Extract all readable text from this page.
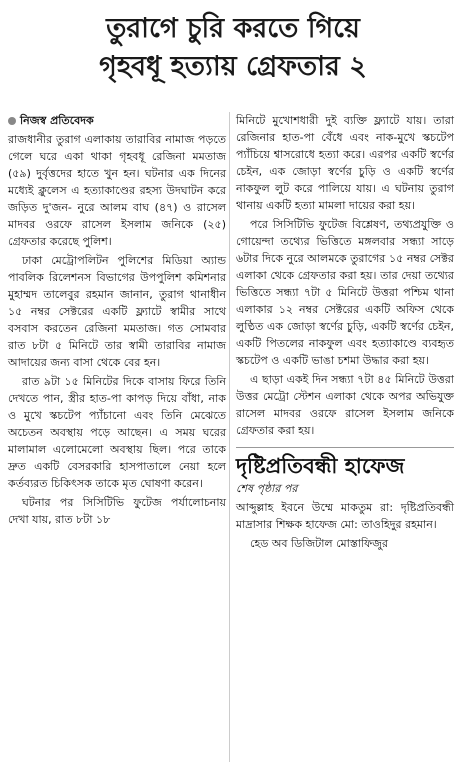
তুরাগে চুরি করতে গিয়ে
গৃহবধূ হত্যায় গ্রেফতার ২
নিজস্ব প্রতিবেদক

রাজধানীর তুরাগ এলাকায় তারাবির নামাজ পড়তে গেলে ঘরে একা থাকা গৃহবধূ রেজিনা মমতাজ (৫৯) দুর্বৃত্তদের হাতে খুন হন। ঘটনার এক দিনের মধ্যেই ক্লুলেস এ হত্যাকাণ্ডের রহস্য উদঘাটন করে জড়িত দু'জন- নুরে আলম বাঘ (৪৭) ও রাসেল মাদবর ওরফে রাসেল ইসলাম জনিকে (২৫) গ্রেফতার করেছে পুলিশ।

ঢাকা মেট্রোপলিটন পুলিশের মিডিয়া অ্যান্ড পাবলিক রিলেশনস বিভাগের উপপুলিশ কমিশনার মুহাম্মদ তালেবুর রহমান জানান, তুরাগ থানাধীন ১৫ নম্বর সেক্টরের একটি ফ্ল্যাটে স্বামীর সাথে বসবাস করতেন রেজিনা মমতাজ। গত সোমবার রাত ৮টা ৫ মিনিটে তার স্বামী তারাবির নামাজ আদায়ের জন্য বাসা থেকে বের হন।

রাত ৯টা ১৫ মিনিটের দিকে বাসায় ফিরে তিনি দেখতে পান, স্ত্রীর হাত-পা কাপড় দিয়ে বাঁধা, নাক ও মুখে স্কচটেপ প্যাঁচানো এবং তিনি মেঝেতে অচেতন অবস্থায় পড়ে আছেন। এ সময় ঘরের মালামাল এলোমেলো অবস্থায় ছিল। পরে তাকে দ্রুত একটি বেসরকারি হাসপাতালে নেয়া হলে কর্তব্যরত চিকিৎসক তাকে মৃত ঘোষণা করেন।

ঘটনার পর সিসিটিভি ফুটেজ পর্যালোচনায় দেখা যায়, রাত ৮টা ১৮

মিনিটে মুখোশধারী দুই ব্যক্তি ফ্ল্যাটে যায়। তারা রেজিনার হাত-পা বেঁধে এবং নাক-মুখে স্কচটেপ প্যাঁচিয়ে শ্বাসরোধে হত্যা করে। এরপর একটি স্বর্ণের চেইন, এক জোড়া স্বর্ণের চুড়ি ও একটি স্বর্ণের নাকফুল লুট করে পালিয়ে যায়। এ ঘটনায় তুরাগ থানায় একটি হত্যা মামলা দায়ের করা হয়।

পরে সিসিটিভি ফুটেজ বিশ্লেষণ, তথ্যপ্রযুক্তি ও গোয়েন্দা তথ্যের ভিত্তিতে মঙ্গলবার সন্ধ্যা সাড়ে ৬টার দিকে নুরে আলমকে তুরাগের ১৫ নম্বর সেক্টর এলাকা থেকে গ্রেফতার করা হয়। তার দেয়া তথ্যের ভিত্তিতে সন্ধ্যা ৭টা ৫ মিনিটে উত্তরা পশ্চিম থানা এলাকার ১২ নম্বর সেক্টরের একটি অফিস থেকে লুণ্ঠিত এক জোড়া স্বর্ণের চুড়ি, একটি স্বর্ণের চেইন, একটি পিতলের নাকফুল এবং হত্যাকাণ্ডে ব্যবহৃত স্কচটেপ ও একটি ভাঙা চশমা উদ্ধার করা হয়।

এ ছাড়া একই দিন সন্ধ্যা ৭টা ৪৫ মিনিটে উত্তরা উত্তর মেট্রো স্টেশন এলাকা থেকে অপর অভিযুক্ত রাসেল মাদবর ওরফে রাসেল ইসলাম জনিকে গ্রেফতার করা হয়।

দৃষ্টিপ্রতিবন্ধী হাফেজ
শেষ পৃষ্ঠার পর

আব্দুল্লাহ ইবনে উম্মে মাকতুম রা: দৃষ্টিপ্রতিবন্ধী মাদ্রাসার শিক্ষক হাফেজ মো: তাওহিদুর রহমান।

হেড অব ডিজিটাল মোস্তাফিজুর
